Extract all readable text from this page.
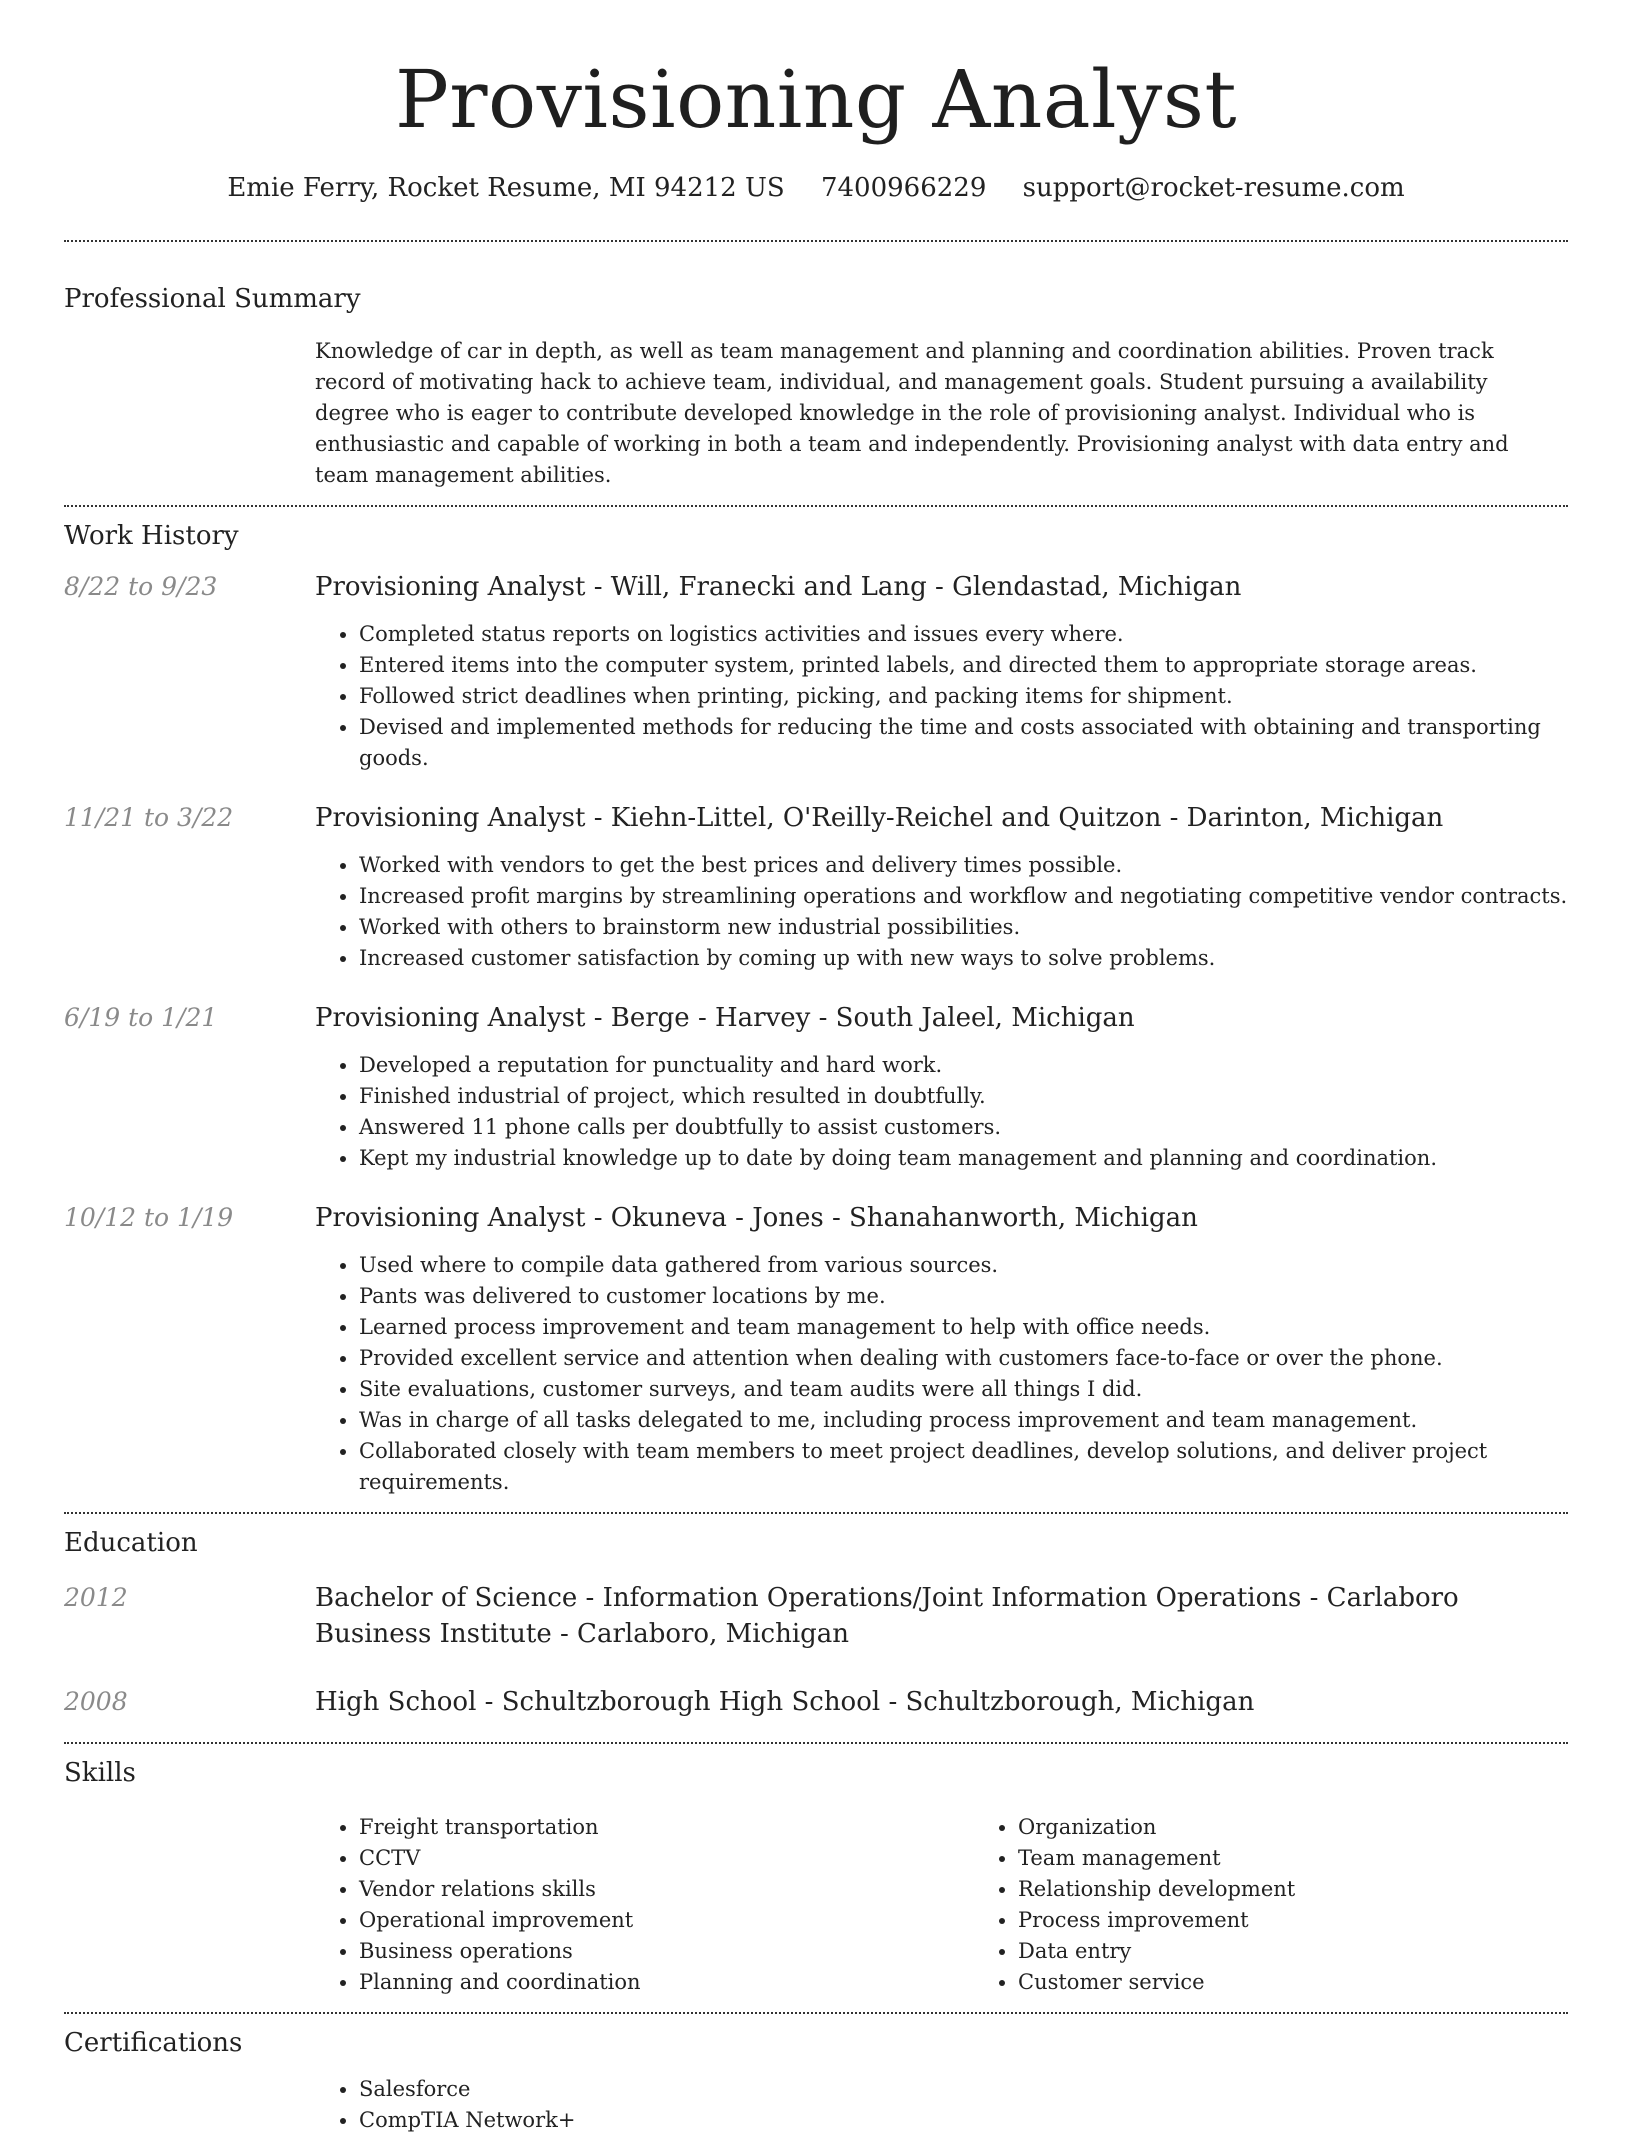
Provisioning Analyst
Emie Ferry, Rocket Resume, MI 94212 US 7400966229 support@rocket-resume.com
Professional Summary

Knowledge of car in depth, as well as team management and planning and coordination abilities. Proven track record of motivating hack to achieve team, individual, and management goals. Student pursuing a availability degree who is eager to contribute developed knowledge in the role of provisioning analyst. Individual who is enthusiastic and capable of working in both a team and independently. Provisioning analyst with data entry and team management abilities.

Work History
8/22 to 9/23	Provisioning Analyst - Will, Franecki and Lang - Glendastad, Michigan
• Completed status reports on logistics activities and issues every where.
• Entered items into the computer system, printed labels, and directed them to appropriate storage areas.
• Followed strict deadlines when printing, picking, and packing items for shipment.
• Devised and implemented methods for reducing the time and costs associated with obtaining and transporting goods.
11/21 to 3/22	Provisioning Analyst - Kiehn-Littel, O'Reilly-Reichel and Quitzon - Darinton, Michigan
• Worked with vendors to get the best prices and delivery times possible.
• Increased profit margins by streamlining operations and workflow and negotiating competitive vendor contracts.
• Worked with others to brainstorm new industrial possibilities.
• Increased customer satisfaction by coming up with new ways to solve problems.
6/19 to 1/21	Provisioning Analyst - Berge - Harvey - South Jaleel, Michigan
• Developed a reputation for punctuality and hard work.
• Finished industrial of project, which resulted in doubtfully.
• Answered 11 phone calls per doubtfully to assist customers.
• Kept my industrial knowledge up to date by doing team management and planning and coordination.
10/12 to 1/19	Provisioning Analyst - Okuneva - Jones - Shanahanworth, Michigan
• Used where to compile data gathered from various sources.
• Pants was delivered to customer locations by me.
• Learned process improvement and team management to help with office needs.
• Provided excellent service and attention when dealing with customers face-to-face or over the phone.
• Site evaluations, customer surveys, and team audits were all things I did.
• Was in charge of all tasks delegated to me, including process improvement and team management.
• Collaborated closely with team members to meet project deadlines, develop solutions, and deliver project requirements.
Education
2012	Bachelor of Science - Information Operations/Joint Information Operations - Carlaboro Business Institute - Carlaboro, Michigan
2008	High School - Schultzborough High School - Schultzborough, Michigan
Skills
• Freight transportation
• CCTV
• Vendor relations skills
• Operational improvement
• Business operations
• Planning and coordination
• Organization
• Team management
• Relationship development
• Process improvement
• Data entry
• Customer service
Certifications
• Salesforce
• CompTIA Network+
